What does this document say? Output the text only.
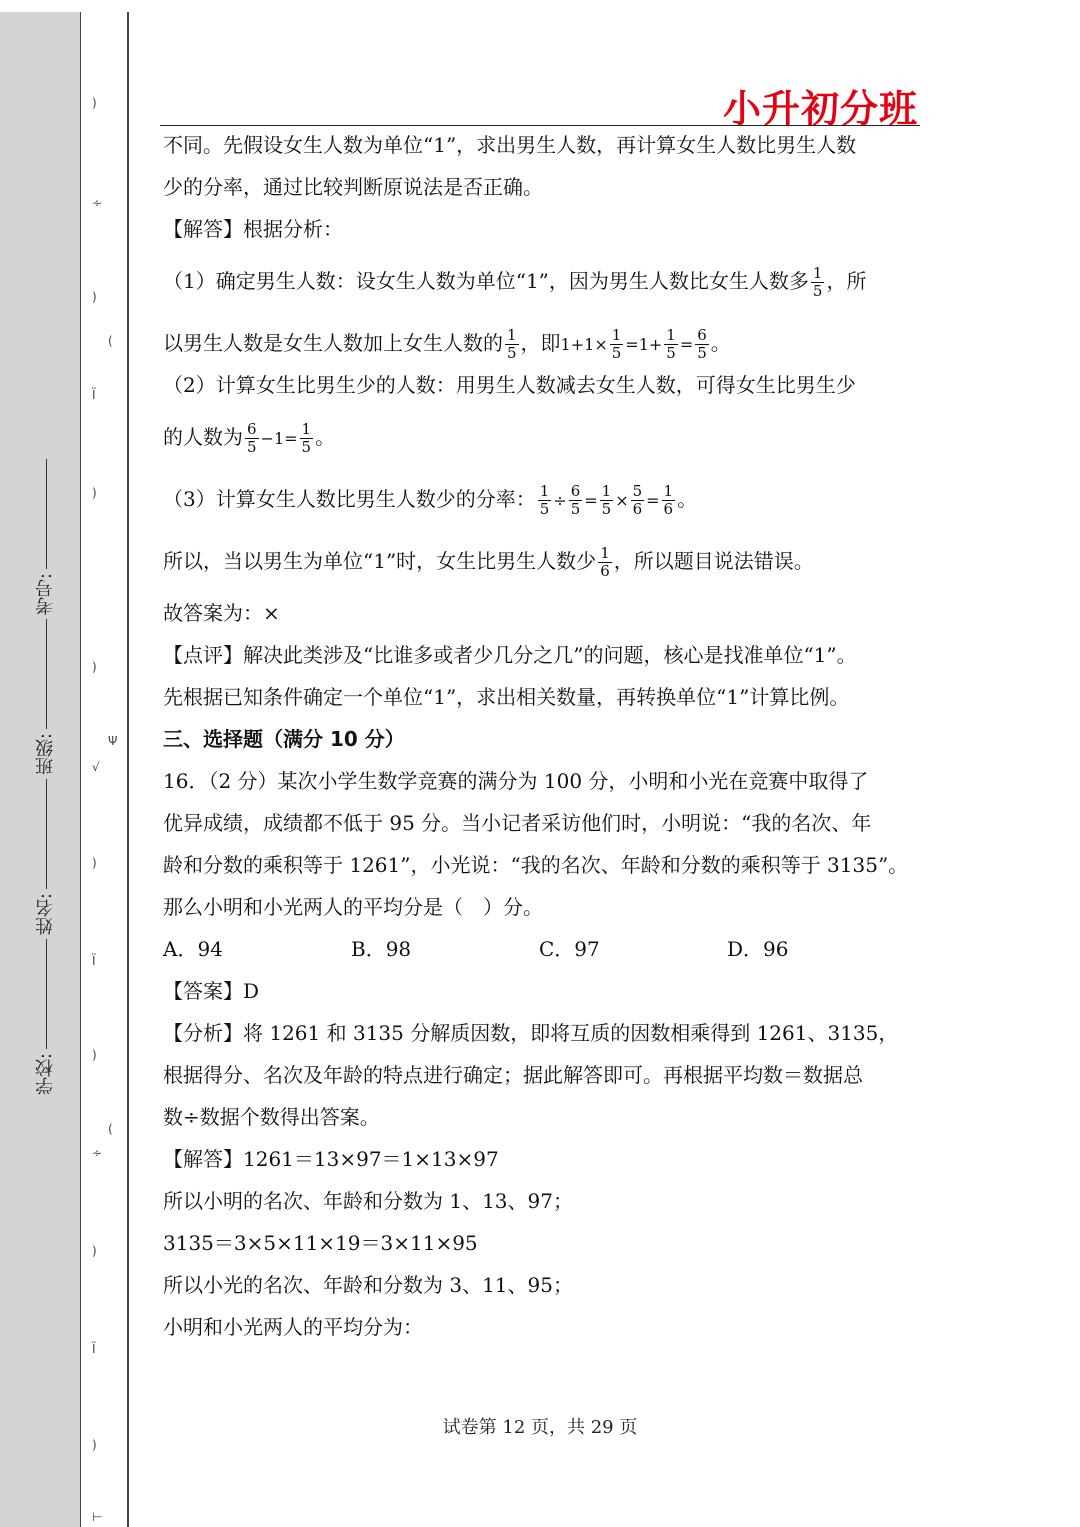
)
∻
)
(
Ϊ
)
)
Ψ
√
)
Ϊ
)
(
∻
)
Ϊ
)
⊢
学校:
姓名:
班级:
考号:
小升初分班
不同。先假设女生人数为单位“1”，求出男生人数，再计算女生人数比男生人数
少的分率，通过比较判断原说法是否正确。
【解答】根据分析：
（1）确定男生人数：设女生人数为单位“1”，因为男生人数比女生人数多 $\frac{1}{5}$ ，所
以男生人数是女生人数加上女生人数的 $\frac{1}{5}$ ，即$1+1\times \frac{1}{5} =1+ \frac{1}{5} = \frac{6}{5}$ 。
（2）计算女生比男生少的人数：用男生人数减去女生人数，可得女生比男生少
的人数为 $\frac{6}{5} -1= \frac{1}{5}$ 。
（3）计算女生人数比男生人数少的分率： $\frac{1}{5} \div \frac{6}{5} = \frac{1}{5} \times \frac{5}{6} = \frac{1}{6}$ 。
所以，当以男生为单位“1”时，女生比男生人数少 $\frac{1}{6}$ ，所以题目说法错误。
故答案为：×
【点评】解决此类涉及“比谁多或者少几分之几”的问题，核心是找准单位“1”。
先根据已知条件确定一个单位“1”，求出相关数量，再转换单位“1”计算比例。
三、选择题（满分 10 分）
16．（2 分）某次小学生数学竞赛的满分为 100 分，小明和小光在竞赛中取得了
优异成绩，成绩都不低于 95 分。当小记者采访他们时，小明说：“我的名次、年
龄和分数的乘积等于 1261”，小光说：“我的名次、年龄和分数的乘积等于 3135”。
那么小明和小光两人的平均分是（　）分。
A．94	B．98	C．97	D．96
【答案】D
【分析】将 1261 和 3135 分解质因数，即将互质的因数相乘得到 1261、3135，
根据得分、名次及年龄的特点进行确定；据此解答即可。再根据平均数＝数据总
数÷数据个数得出答案。
【解答】1261＝13×97＝1×13×97
所以小明的名次、年龄和分数为 1、13、97；
3135＝3×5×11×19＝3×11×95
所以小光的名次、年龄和分数为 3、11、95；
小明和小光两人的平均分为：
试卷第 12 页，共 29 页
